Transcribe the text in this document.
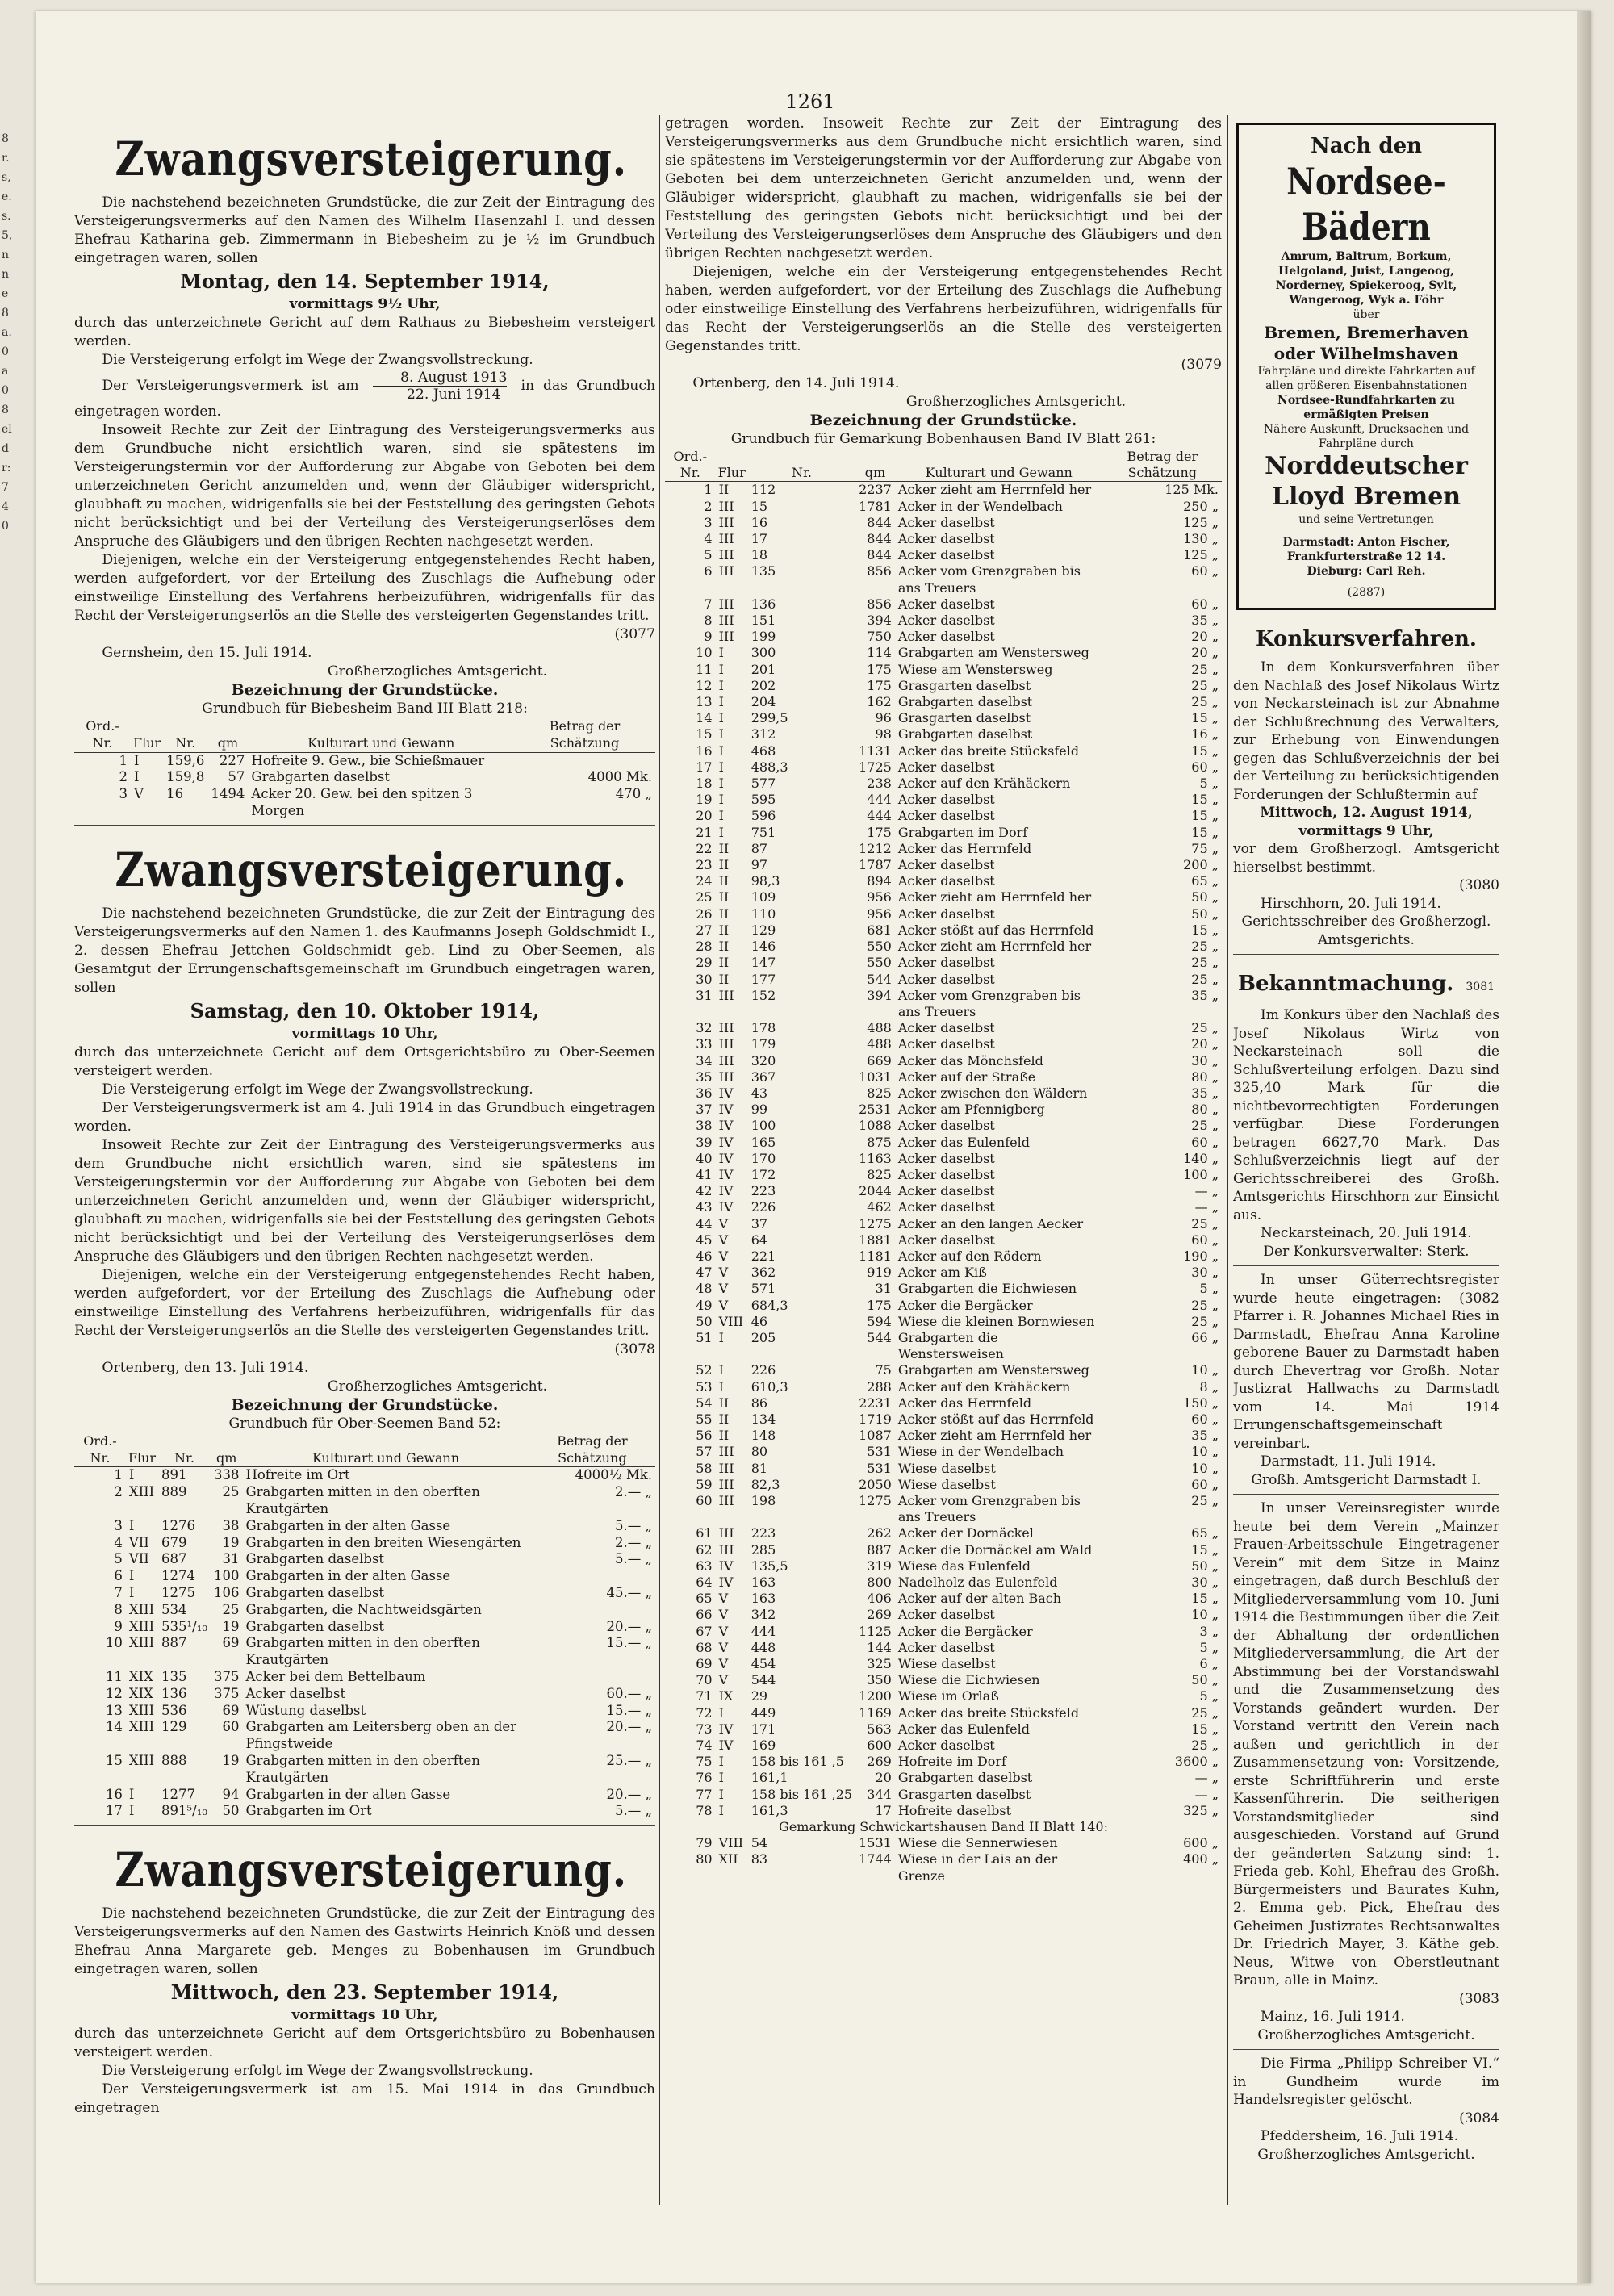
1261
Zwangsversteigerung.

Die nachstehend bezeichneten Grundstücke, die zur Zeit der Eintragung des Versteigerungsvermerks auf den Namen des Wilhelm Hasenzahl I. und dessen Ehefrau Katharina geb. Zimmermann in Biebesheim zu je ½ im Grundbuch eingetragen waren, sollen

Montag, den 14. September 1914,

vormittags 9½ Uhr,

durch das unterzeichnete Gericht auf dem Rathaus zu Biebesheim versteigert werden.

Die Versteigerung erfolgt im Wege der Zwangsvollstreckung.

Der Versteigerungsvermerk ist am	8. August 1913
22. Juni 1914
in das Grundbuch eingetragen worden.

Insoweit Rechte zur Zeit der Eintragung des Versteigerungsvermerks aus dem Grundbuche nicht ersichtlich waren, sind sie spätestens im Versteigerungstermin vor der Aufforderung zur Abgabe von Geboten bei dem unterzeichneten Gericht anzumelden und, wenn der Gläubiger widerspricht, glaubhaft zu machen, widrigenfalls sie bei der Feststellung des geringsten Gebots nicht berücksichtigt und bei der Verteilung des Versteigerungserlöses dem Anspruche des Gläubigers und den übrigen Rechten nachgesetzt werden.

Diejenigen, welche ein der Versteigerung entgegenstehendes Recht haben, werden aufgefordert, vor der Erteilung des Zuschlags die Aufhebung oder einstweilige Einstellung des Verfahrens herbeizuführen, widrigenfalls für das Recht der Versteigerungserlös an die Stelle des versteigerten Gegenstandes tritt.

(3077

Gernsheim, den 15. Juli 1914.

Großherzogliches Amtsgericht.

Bezeichnung der Grundstücke.

Grundbuch für Biebesheim Band III Blatt 218:

Ord.-Nr.	Flur	Nr.	qm	Kulturart und Gewann	Betrag der Schätzung
1	I	159,6	227	Hofreite 9. Gew., bie Schießmauer	
2	I	159,8	57	Grabgarten daselbst	4000 Mk.
3	V	16	1494	Acker 20. Gew. bei den spitzen 3 Morgen	470 „
Zwangsversteigerung.

Die nachstehend bezeichneten Grundstücke, die zur Zeit der Eintragung des Versteigerungsvermerks auf den Namen 1. des Kaufmanns Joseph Goldschmidt I., 2. dessen Ehefrau Jettchen Goldschmidt geb. Lind zu Ober-Seemen, als Gesamtgut der Errungenschaftsgemeinschaft im Grundbuch eingetragen waren, sollen

Samstag, den 10. Oktober 1914,

vormittags 10 Uhr,

durch das unterzeichnete Gericht auf dem Ortsgerichtsbüro zu Ober-Seemen versteigert werden.

Die Versteigerung erfolgt im Wege der Zwangsvollstreckung.

Der Versteigerungsvermerk ist am 4. Juli 1914 in das Grundbuch eingetragen worden.

Insoweit Rechte zur Zeit der Eintragung des Versteigerungsvermerks aus dem Grundbuche nicht ersichtlich waren, sind sie spätestens im Versteigerungstermin vor der Aufforderung zur Abgabe von Geboten bei dem unterzeichneten Gericht anzumelden und, wenn der Gläubiger widerspricht, glaubhaft zu machen, widrigenfalls sie bei der Feststellung des geringsten Gebots nicht berücksichtigt und bei der Verteilung des Versteigerungserlöses dem Anspruche des Gläubigers und den übrigen Rechten nachgesetzt werden.

Diejenigen, welche ein der Versteigerung entgegenstehendes Recht haben, werden aufgefordert, vor der Erteilung des Zuschlags die Aufhebung oder einstweilige Einstellung des Verfahrens herbeizuführen, widrigenfalls für das Recht der Versteigerungserlös an die Stelle des versteigerten Gegenstandes tritt.

(3078

Ortenberg, den 13. Juli 1914.

Großherzogliches Amtsgericht.

Bezeichnung der Grundstücke.

Grundbuch für Ober-Seemen Band 52:

Ord.-Nr.	Flur	Nr.	qm	Kulturart und Gewann	Betrag der Schätzung
1	I	891	338	Hofreite im Ort	4000½ Mk.
2	XIII	889	25	Grabgarten mitten in den oberften Krautgärten	2.— „
3	I	1276	38	Grabgarten in der alten Gasse	5.— „
4	VII	679	19	Grabgarten in den breiten Wiesengärten	2.— „
5	VII	687	31	Grabgarten daselbst	5.— „
6	I	1274	100	Grabgarten in der alten Gasse	
7	I	1275	106	Grabgarten daselbst	45.— „
8	XIII	534	25	Grabgarten, die Nachtweidsgärten	
9	XIII	535¹/₁₀	19	Grabgarten daselbst	20.— „
10	XIII	887	69	Grabgarten mitten in den oberften Krautgärten	15.— „
11	XIX	135	375	Acker bei dem Bettelbaum	
12	XIX	136	375	Acker daselbst	60.— „
13	XIII	536	69	Wüstung daselbst	15.— „
14	XIII	129	60	Grabgarten am Leitersberg oben an der Pfingstweide	20.— „
15	XIII	888	19	Grabgarten mitten in den oberften Krautgärten	25.— „
16	I	1277	94	Grabgarten in der alten Gasse	20.— „
17	I	891⁵/₁₀	50	Grabgarten im Ort	5.— „
Zwangsversteigerung.

Die nachstehend bezeichneten Grundstücke, die zur Zeit der Eintragung des Versteigerungsvermerks auf den Namen des Gastwirts Heinrich Knöß und dessen Ehefrau Anna Margarete geb. Menges zu Bobenhausen im Grundbuch eingetragen waren, sollen

Mittwoch, den 23. September 1914,

vormittags 10 Uhr,

durch das unterzeichnete Gericht auf dem Ortsgerichtsbüro zu Bobenhausen versteigert werden.

Die Versteigerung erfolgt im Wege der Zwangsvollstreckung.

Der Versteigerungsvermerk ist am 15. Mai 1914 in das Grundbuch eingetragen

getragen worden. Insoweit Rechte zur Zeit der Eintragung des Versteigerungsvermerks aus dem Grundbuche nicht ersichtlich waren, sind sie spätestens im Versteigerungstermin vor der Aufforderung zur Abgabe von Geboten bei dem unterzeichneten Gericht anzumelden und, wenn der Gläubiger widerspricht, glaubhaft zu machen, widrigenfalls sie bei der Feststellung des geringsten Gebots nicht berücksichtigt und bei der Verteilung des Versteigerungserlöses dem Anspruche des Gläubigers und den übrigen Rechten nachgesetzt werden.

Diejenigen, welche ein der Versteigerung entgegenstehendes Recht haben, werden aufgefordert, vor der Erteilung des Zuschlags die Aufhebung oder einstweilige Einstellung des Verfahrens herbeizuführen, widrigenfalls für das Recht der Versteigerungserlös an die Stelle des versteigerten Gegenstandes tritt.

(3079

Ortenberg, den 14. Juli 1914.

Großherzogliches Amtsgericht.

Bezeichnung der Grundstücke.

Grundbuch für Gemarkung Bobenhausen Band IV Blatt 261:

Ord.-Nr.	Flur	Nr.	qm	Kulturart und Gewann	Betrag der Schätzung
1	II	112	2237	Acker zieht am Herrnfeld her	125 Mk.
2	III	15	1781	Acker in der Wendelbach	250 „
3	III	16	844	Acker daselbst	125 „
4	III	17	844	Acker daselbst	130 „
5	III	18	844	Acker daselbst	125 „
6	III	135	856	Acker vom Grenzgraben bis ans Treuers	60 „
7	III	136	856	Acker daselbst	60 „
8	III	151	394	Acker daselbst	35 „
9	III	199	750	Acker daselbst	20 „
10	I	300	114	Grabgarten am Wenstersweg	20 „
11	I	201	175	Wiese am Wenstersweg	25 „
12	I	202	175	Grasgarten daselbst	25 „
13	I	204	162	Grabgarten daselbst	25 „
14	I	299,5	96	Grasgarten daselbst	15 „
15	I	312	98	Grabgarten daselbst	16 „
16	I	468	1131	Acker das breite Stücksfeld	15 „
17	I	488,3	1725	Acker daselbst	60 „
18	I	577	238	Acker auf den Krähäckern	5 „
19	I	595	444	Acker daselbst	15 „
20	I	596	444	Acker daselbst	15 „
21	I	751	175	Grabgarten im Dorf	15 „
22	II	87	1212	Acker das Herrnfeld	75 „
23	II	97	1787	Acker daselbst	200 „
24	II	98,3	894	Acker daselbst	65 „
25	II	109	956	Acker zieht am Herrnfeld her	50 „
26	II	110	956	Acker daselbst	50 „
27	II	129	681	Acker stößt auf das Herrnfeld	15 „
28	II	146	550	Acker zieht am Herrnfeld her	25 „
29	II	147	550	Acker daselbst	25 „
30	II	177	544	Acker daselbst	25 „
31	III	152	394	Acker vom Grenzgraben bis ans Treuers	35 „
32	III	178	488	Acker daselbst	25 „
33	III	179	488	Acker daselbst	20 „
34	III	320	669	Acker das Mönchsfeld	30 „
35	III	367	1031	Acker auf der Straße	80 „
36	IV	43	825	Acker zwischen den Wäldern	35 „
37	IV	99	2531	Acker am Pfennigberg	80 „
38	IV	100	1088	Acker daselbst	25 „
39	IV	165	875	Acker das Eulenfeld	60 „
40	IV	170	1163	Acker daselbst	140 „
41	IV	172	825	Acker daselbst	100 „
42	IV	223	2044	Acker daselbst	— „
43	IV	226	462	Acker daselbst	— „
44	V	37	1275	Acker an den langen Aecker	25 „
45	V	64	1881	Acker daselbst	60 „
46	V	221	1181	Acker auf den Rödern	190 „
47	V	362	919	Acker am Kiß	30 „
48	V	571	31	Grabgarten die Eichwiesen	5 „
49	V	684,3	175	Acker die Bergäcker	25 „
50	VIII	46	594	Wiese die kleinen Bornwiesen	25 „
51	I	205	544	Grabgarten die Wenstersweisen	66 „
52	I	226	75	Grabgarten am Wenstersweg	10 „
53	I	610,3	288	Acker auf den Krähäckern	8 „
54	II	86	2231	Acker das Herrnfeld	150 „
55	II	134	1719	Acker stößt auf das Herrnfeld	60 „
56	II	148	1087	Acker zieht am Herrnfeld her	35 „
57	III	80	531	Wiese in der Wendelbach	10 „
58	III	81	531	Wiese daselbst	10 „
59	III	82,3	2050	Wiese daselbst	60 „
60	III	198	1275	Acker vom Grenzgraben bis ans Treuers	25 „
61	III	223	262	Acker der Dornäckel	65 „
62	III	285	887	Acker die Dornäckel am Wald	15 „
63	IV	135,5	319	Wiese das Eulenfeld	50 „
64	IV	163	800	Nadelholz das Eulenfeld	30 „
65	V	163	406	Acker auf der alten Bach	15 „
66	V	342	269	Acker daselbst	10 „
67	V	444	1125	Acker die Bergäcker	3 „
68	V	448	144	Acker daselbst	5 „
69	V	454	325	Wiese daselbst	6 „
70	V	544	350	Wiese die Eichwiesen	50 „
71	IX	29	1200	Wiese im Orlaß	5 „
72	I	449	1169	Acker das breite Stücksfeld	25 „
73	IV	171	563	Acker das Eulenfeld	15 „
74	IV	169	600	Acker daselbst	25 „
75	I	158 bis 161 ,5	269	Hofreite im Dorf	3600 „
76	I	161,1	20	Grabgarten daselbst	— „
77	I	158 bis 161 ,25	344	Grasgarten daselbst	— „
78	I	161,3	17	Hofreite daselbst	325 „
Gemarkung Schwickartshausen Band II Blatt 140:					
79	VIII	54	1531	Wiese die Sennerwiesen	600 „
80	XII	83	1744	Wiese in der Lais an der Grenze	400 „
Nach den
Nordsee-
Bädern
Amrum, Baltrum, Borkum, Helgoland, Juist, Langeoog, Norderney, Spiekeroog, Sylt, Wangeroog, Wyk a. Föhr
über
Bremen, Bremerhaven oder Wilhelmshaven
Fahrpläne und direkte Fahrkarten auf allen größeren Eisenbahnstationen
Nordsee-Rundfahrkarten zu ermäßigten Preisen
Nähere Auskunft, Drucksachen und Fahrpläne durch
Norddeutscher
Lloyd Bremen
und seine Vertretungen
Darmstadt: Anton Fischer, Frankfurterstraße 12 14.
Dieburg: Carl Reh.
(2887)
Konkursverfahren.

In dem Konkursverfahren über den Nachlaß des Josef Nikolaus Wirtz von Neckarsteinach ist zur Abnahme der Schlußrechnung des Verwalters, zur Erhebung von Einwendungen gegen das Schlußverzeichnis der bei der Verteilung zu berücksichtigenden Forderungen der Schlußtermin auf

Mittwoch, 12. August 1914, vormittags 9 Uhr,

vor dem Großherzogl. Amtsgericht hierselbst bestimmt.

(3080

Hirschhorn, 20. Juli 1914.

Gerichtsschreiber des Großherzogl. Amtsgerichts.

Bekanntmachung. 3081

Im Konkurs über den Nachlaß des Josef Nikolaus Wirtz von Neckarsteinach soll die Schlußverteilung erfolgen. Dazu sind 325,40 Mark für die nichtbevorrechtigten Forderungen verfügbar. Diese Forderungen betragen 6627,70 Mark. Das Schlußverzeichnis liegt auf der Gerichtsschreiberei des Großh. Amtsgerichts Hirschhorn zur Einsicht aus.

Neckarsteinach, 20. Juli 1914.

Der Konkursverwalter: Sterk.

In unser Güterrechtsregister wurde heute eingetragen: (3082 Pfarrer i. R. Johannes Michael Ries in Darmstadt, Ehefrau Anna Karoline geborene Bauer zu Darmstadt haben durch Ehevertrag vor Großh. Notar Justizrat Hallwachs zu Darmstadt vom 14. Mai 1914 Errungenschaftsgemeinschaft vereinbart.

Darmstadt, 11. Juli 1914.

Großh. Amtsgericht Darmstadt I.

In unser Vereinsregister wurde heute bei dem Verein „Mainzer Frauen-Arbeitsschule Eingetragener Verein“ mit dem Sitze in Mainz eingetragen, daß durch Beschluß der Mitgliederversammlung vom 10. Juni 1914 die Bestimmungen über die Zeit der Abhaltung der ordentlichen Mitgliederversammlung, die Art der Abstimmung bei der Vorstandswahl und die Zusammensetzung des Vorstands geändert wurden. Der Vorstand vertritt den Verein nach außen und gerichtlich in der Zusammensetzung von: Vorsitzende, erste Schriftführerin und erste Kassenführerin. Die seitherigen Vorstandsmitglieder sind ausgeschieden. Vorstand auf Grund der geänderten Satzung sind: 1. Frieda geb. Kohl, Ehefrau des Großh. Bürgermeisters und Baurates Kuhn, 2. Emma geb. Pick, Ehefrau des Geheimen Justizrates Rechtsanwaltes Dr. Friedrich Mayer, 3. Käthe geb. Neus, Witwe von Oberstleutnant Braun, alle in Mainz.

(3083

Mainz, 16. Juli 1914.

Großherzogliches Amtsgericht.

Die Firma „Philipp Schreiber VI.“ in Gundheim wurde im Handelsregister gelöscht.

(3084

Pfeddersheim, 16. Juli 1914.

Großherzogliches Amtsgericht.

8
r.
s,
e.
s.
5,
n
n
e
8
a.
0
a
0
8
el
d
r:
7
4
0
